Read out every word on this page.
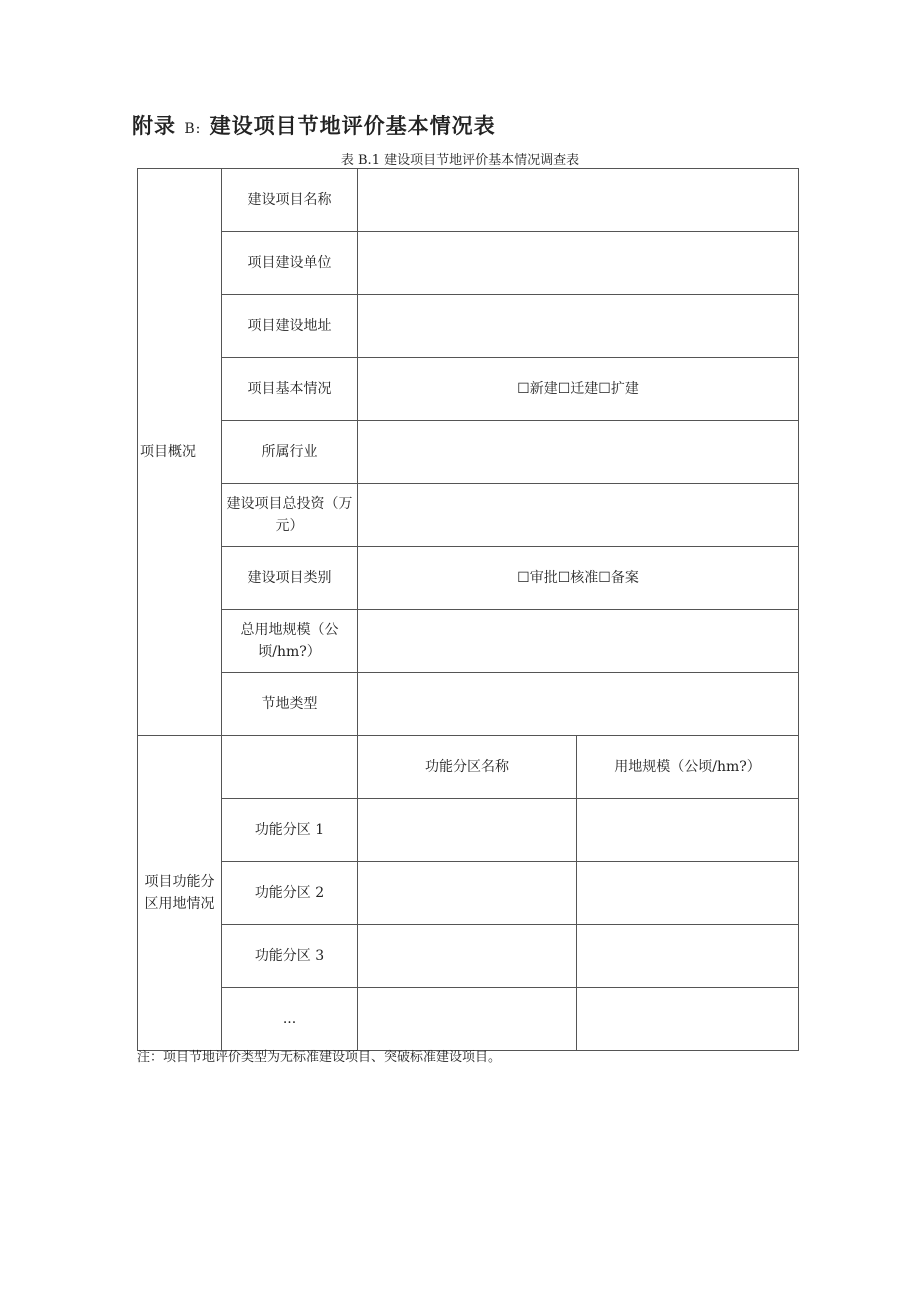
附录 B: 建设项目节地评价基本情况表
表 B.1 建设项目节地评价基本情况调查表
项目概况	建设项目名称		
	项目建设单位		
	项目建设地址		
	项目基本情况	☐新建☐迁建☐扩建	
	所属行业		
	建设项目总投资（万元）		
	建设项目类别	☐审批☐核准☐备案	
	总用地规模（公顷/hm?）		
	节地类型		
项目功能分区用地情况		功能分区名称	用地规模（公顷/hm?）
	功能分区 1		
	功能分区 2		
	功能分区 3		
	...		
注：项目节地评价类型为无标准建设项目、突破标准建设项目。
